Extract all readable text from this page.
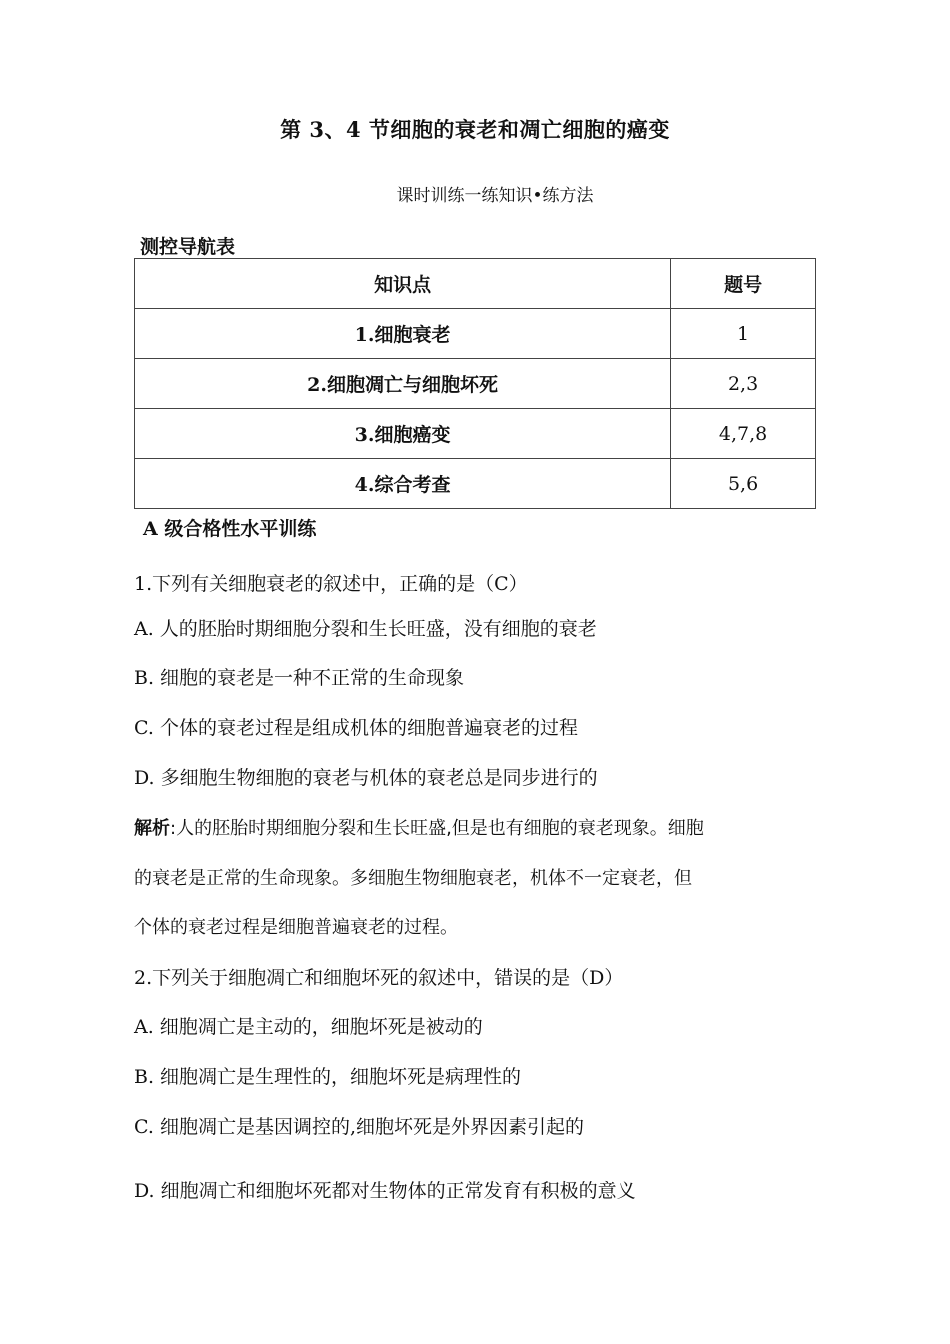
第 3、4 节细胞的衰老和凋亡细胞的癌变
课时训练一练知识•练方法
测控导航表
知识点	题号
1.细胞衰老	1
2.细胞凋亡与细胞坏死	2,3
3.细胞癌变	4,7,8
4.综合考查	5,6
A 级合格性水平训练
1.下列有关细胞衰老的叙述中，正确的是（C）
A. 人的胚胎时期细胞分裂和生长旺盛，没有细胞的衰老
B. 细胞的衰老是一种不正常的生命现象
C. 个体的衰老过程是组成机体的细胞普遍衰老的过程
D. 多细胞生物细胞的衰老与机体的衰老总是同步进行的
解析:人的胚胎时期细胞分裂和生长旺盛,但是也有细胞的衰老现象。细胞
的衰老是正常的生命现象。多细胞生物细胞衰老，机体不一定衰老，但
个体的衰老过程是细胞普遍衰老的过程。
2.下列关于细胞凋亡和细胞坏死的叙述中，错误的是（D）
A. 细胞凋亡是主动的，细胞坏死是被动的
B. 细胞凋亡是生理性的，细胞坏死是病理性的
C. 细胞凋亡是基因调控的,细胞坏死是外界因素引起的
D. 细胞凋亡和细胞坏死都对生物体的正常发育有积极的意义
